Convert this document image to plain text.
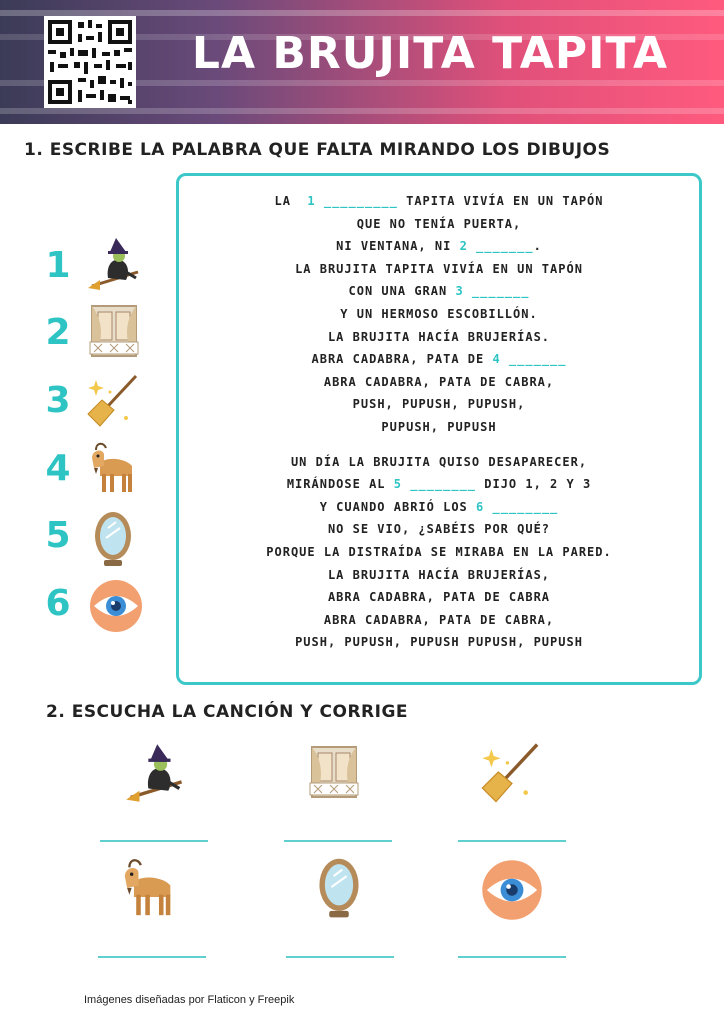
LA BRUJITA TAPITA
1. ESCRIBE LA PALABRA QUE FALTA MIRANDO LOS DIBUJOS
1
2
3
4
5
6
LA 1 _________ TAPITA VIVÍA EN UN TAPÓN
QUE NO TENÍA PUERTA,
NI VENTANA, NI 2 _______.
LA BRUJITA TAPITA VIVÍA EN UN TAPÓN
CON UNA GRAN 3 _______
Y UN HERMOSO ESCOBILLÓN.
LA BRUJITA HACÍA BRUJERÍAS.
ABRA CADABRA, PATA DE 4 _______
ABRA CADABRA, PATA DE CABRA,
PUSH, PUPUSH, PUPUSH,
PUPUSH, PUPUSH
UN DÍA LA BRUJITA QUISO DESAPARECER,
MIRÁNDOSE AL 5 ________ DIJO 1, 2 Y 3
Y CUANDO ABRIÓ LOS 6 ________
NO SE VIO, ¿SABÉIS POR QUÉ?
PORQUE LA DISTRAÍDA SE MIRABA EN LA PARED.
LA BRUJITA HACÍA BRUJERÍAS,
ABRA CADABRA, PATA DE CABRA
ABRA CADABRA, PATA DE CABRA,
PUSH, PUPUSH, PUPUSH PUPUSH, PUPUSH
2. ESCUCHA LA CANCIÓN Y CORRIGE
Imágenes diseñadas por Flaticon y Freepik
